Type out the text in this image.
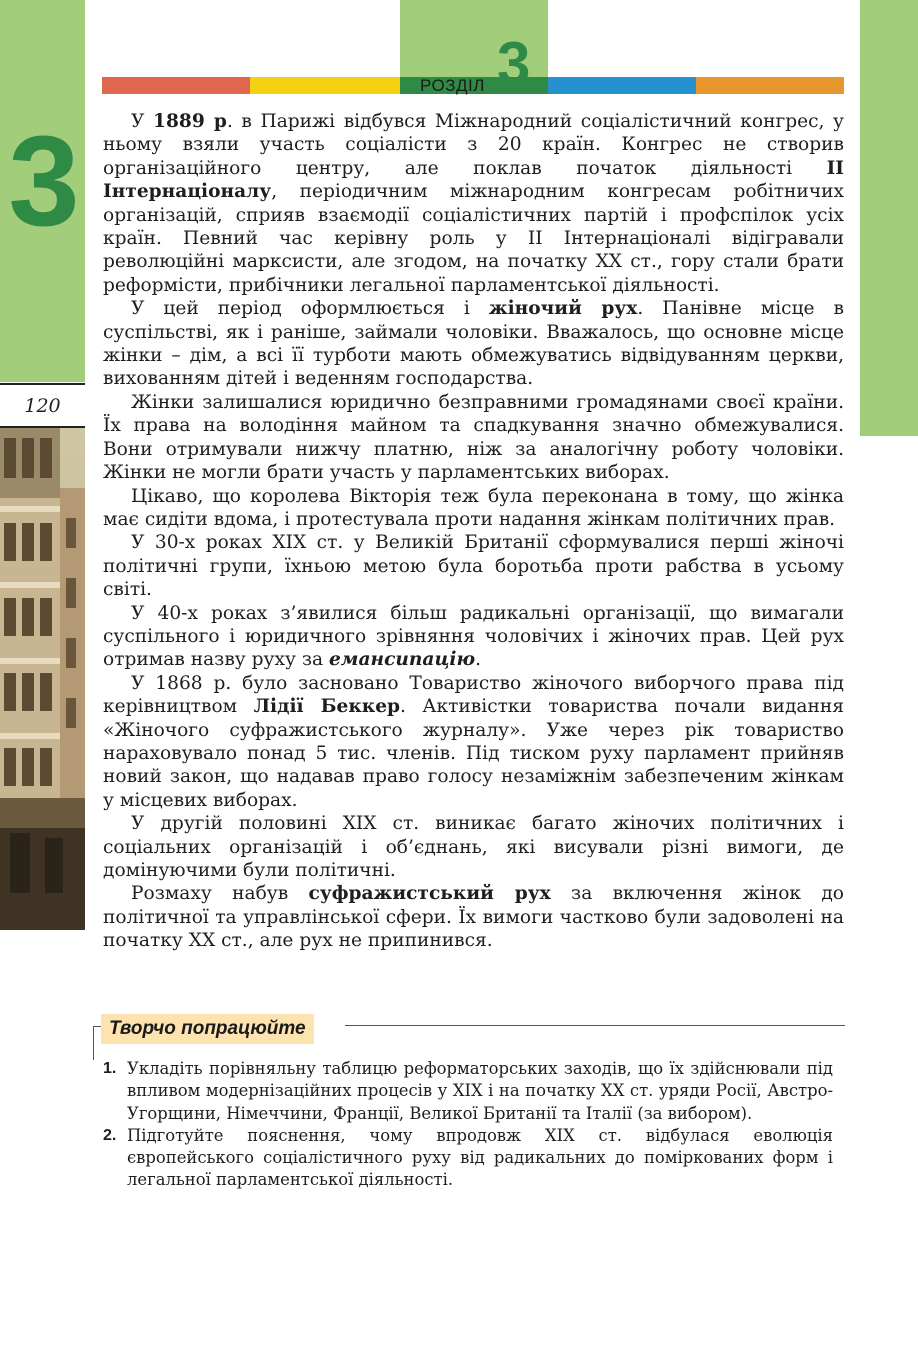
3
120
РОЗДІЛ 3

У 1889 р. в Парижі відбувся Міжнародний соціалістичний конгрес, у ньому взяли участь соціалісти з 20 країн. Конгрес не створив організаційного центру, але поклав початок діяльності ІІ Інтернаціоналу, періодичним міжнародним конгресам робітничих організацій, сприяв взаємодії соціалістичних партій і профспілок усіх країн. Певний час керівну роль у ІІ Інтернаціоналі відігравали революційні марксисти, але згодом, на початку ХХ ст., гору стали брати реформісти, прибічники легальної парламентської діяльності.

У цей період оформлюється і жіночий рух. Панівне місце в суспільстві, як і раніше, займали чоловіки. Вважалось, що основне місце жінки – дім, а всі її турботи мають обмежуватись відвідуванням церкви, вихованням дітей і веденням господарства.

Жінки залишалися юридично безправними громадянами своєї країни. Їх права на володіння майном та спадкування значно обмежувалися. Вони отримували нижчу платню, ніж за аналогічну роботу чоловіки. Жінки не могли брати участь у парламентських виборах.

Цікаво, що королева Вікторія теж була переконана в тому, що жінка має сидіти вдома, і протестувала проти надання жінкам політичних прав.

У 30-х роках ХІХ ст. у Великій Британії сформувалися перші жіночі політичні групи, їхньою метою була боротьба проти рабства в усьому світі.

У 40-х роках з’явилися більш радикальні організації, що вимагали суспільного і юридичного зрівняння чоловічих і жіночих прав. Цей рух отримав назву руху за емансипацію.

У 1868 р. було засновано Товариство жіночого виборчого права під керівництвом Лідії Беккер. Активістки товариства почали видання «Жіночого суфражистського журналу». Уже через рік товариство нараховувало понад 5 тис. членів. Під тиском руху парламент прийняв новий закон, що надавав право голосу незаміжнім забезпеченим жінкам у місцевих виборах.

У другій половині ХІХ ст. виникає багато жіночих політичних і соціальних організацій і об’єднань, які висували різні вимоги, де домінуючими були політичні.

Розмаху набув суфражистський рух за включення жінок до політичної та управлінської сфери. Їх вимоги частково були задоволені на початку ХХ ст., але рух не припинився.

Творчо попрацюйте
1. Укладіть порівняльну таблицю реформаторських заходів, що їх здійснювали під впливом модернізаційних процесів у ХІХ і на початку ХХ ст. уряди Росії, Австро-Угорщини, Німеччини, Франції, Великої Британії та Італії (за вибором).
2. Підготуйте пояснення, чому впродовж ХІХ ст. відбулася еволюція європейського соціалістичного руху від радикальних до поміркованих форм і легальної парламентської діяльності.
